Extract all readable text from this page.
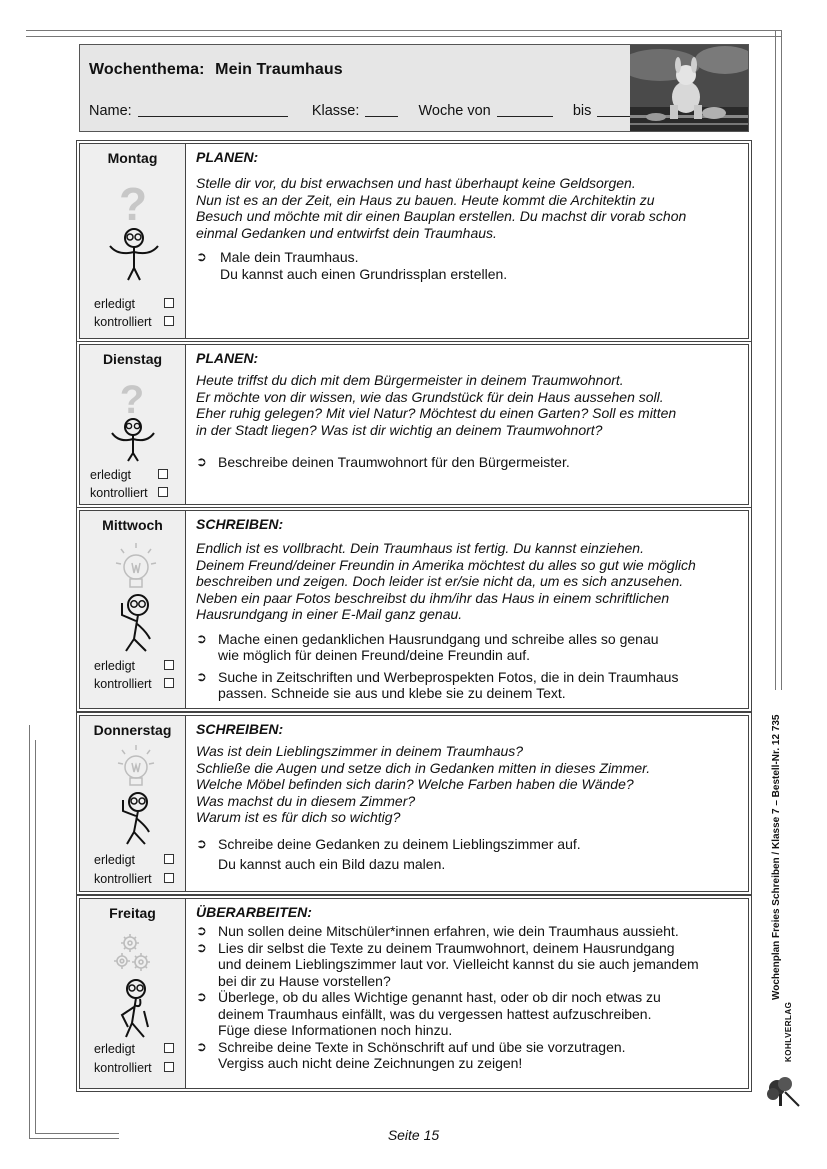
Wochenthema: Mein Traumhaus
Name:	Klasse:	Woche von	bis
Montag
?
erledigt
kontrolliert
PLANEN:
Stelle dir vor, du bist erwachsen und hast überhaupt keine Geldsorgen.
Nun ist es an der Zeit, ein Haus zu bauen. Heute kommt die Architektin zu
Besuch und möchte mit dir einen Bauplan erstellen. Du machst dir vorab schon
einmal Gedanken und entwirfst dein Traumhaus.
➲ Male dein Traumhaus.
Du kannst auch einen Grundrissplan erstellen.
Dienstag
?
erledigt
kontrolliert
PLANEN:
Heute triffst du dich mit dem Bürgermeister in deinem Traumwohnort.
Er möchte von dir wissen, wie das Grundstück für dein Haus aussehen soll.
Eher ruhig gelegen? Mit viel Natur? Möchtest du einen Garten? Soll es mitten
in der Stadt liegen? Was ist dir wichtig an deinem Traumwohnort?
➲ Beschreibe deinen Traumwohnort für den Bürgermeister.
Mittwoch
erledigt
kontrolliert
SCHREIBEN:
Endlich ist es vollbracht. Dein Traumhaus ist fertig. Du kannst einziehen.
Deinem Freund/deiner Freundin in Amerika möchtest du alles so gut wie möglich
beschreiben und zeigen. Doch leider ist er/sie nicht da, um es sich anzusehen.
Neben ein paar Fotos beschreibst du ihm/ihr das Haus in einem schriftlichen
Hausrundgang in einer E-Mail ganz genau.
➲ Mache einen gedanklichen Hausrundgang und schreibe alles so genau
wie möglich für deinen Freund/deine Freundin auf.
➲ Suche in Zeitschriften und Werbeprospekten Fotos, die in dein Traumhaus
passen. Schneide sie aus und klebe sie zu deinem Text.
Donnerstag
erledigt
kontrolliert
SCHREIBEN:
Was ist dein Lieblingszimmer in deinem Traumhaus?
Schließe die Augen und setze dich in Gedanken mitten in dieses Zimmer.
Welche Möbel befinden sich darin? Welche Farben haben die Wände?
Was machst du in diesem Zimmer?
Warum ist es für dich so wichtig?
➲ Schreibe deine Gedanken zu deinem Lieblingszimmer auf.
Du kannst auch ein Bild dazu malen.
Freitag
erledigt
kontrolliert
ÜBERARBEITEN:
➲ Nun sollen deine Mitschüler*innen erfahren, wie dein Traumhaus aussieht.
➲ Lies dir selbst die Texte zu deinem Traumwohnort, deinem Hausrundgang
und deinem Lieblingszimmer laut vor. Vielleicht kannst du sie auch jemandem
bei dir zu Hause vorstellen?
➲ Überlege, ob du alles Wichtige genannt hast, oder ob dir noch etwas zu
deinem Traumhaus einfällt, was du vergessen hattest aufzuschreiben.
Füge diese Informationen noch hinzu.
➲ Schreibe deine Texte in Schönschrift auf und übe sie vorzutragen.
Vergiss auch nicht deine Zeichnungen zu zeigen!
Wochenplan Freies Schreiben / Klasse 7 – Bestell-Nr. 12 735
KOHLVERLAG
Seite 15
